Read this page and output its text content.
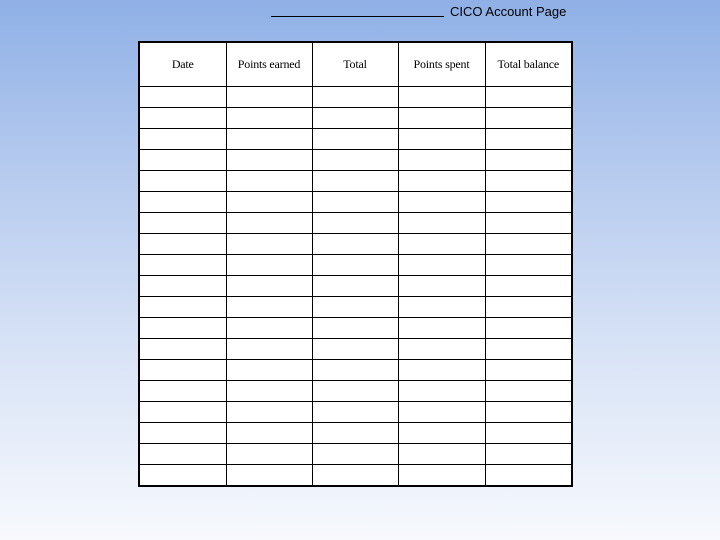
CICO Account Page
Date	Points earned	Total	Points spent	Total balance
